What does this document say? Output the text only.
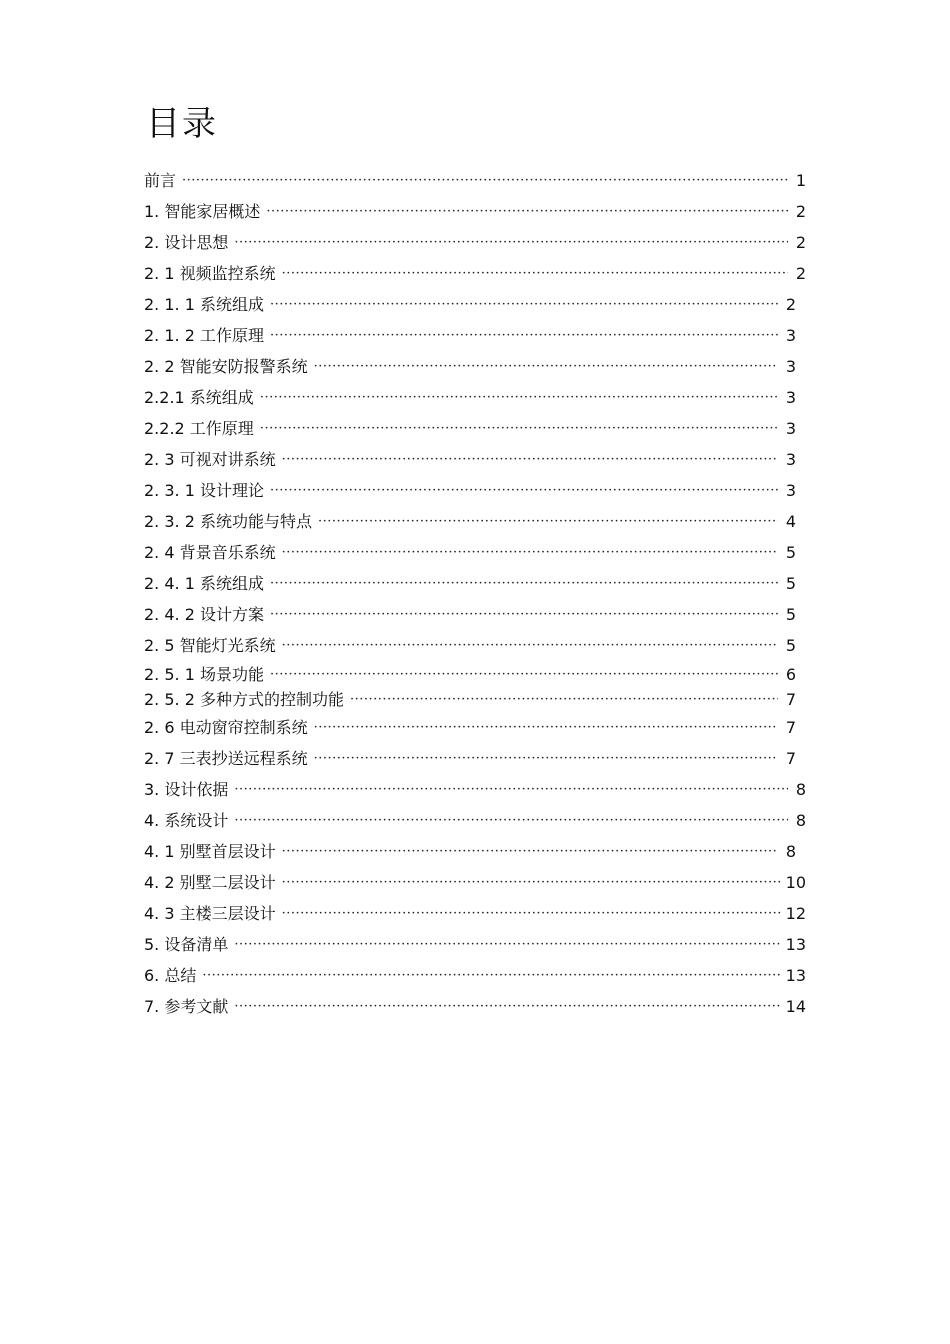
目录
前言 ·····	1
1. 智能家居概述 ·····	2
2. 设计思想 ·····	2
2. 1 视频监控系统 ·····	2
2. 1. 1 系统组成 ·····	2
2. 1. 2 工作原理 ·····	3
2. 2 智能安防报警系统 ·····	3
2.2.1 系统组成 ·····	3
2.2.2 工作原理 ·····	3
2. 3 可视对讲系统 ·····	3
2. 3. 1 设计理论 ·····	3
2. 3. 2 系统功能与特点 ·····	4
2. 4 背景音乐系统 ·····	5
2. 4. 1 系统组成 ·····	5
2. 4. 2 设计方案 ·····	5
2. 5 智能灯光系统 ·····	5
2. 5. 1 场景功能 ·····	6
2. 5. 2 多种方式的控制功能 ·····	7
2. 6 电动窗帘控制系统 ·····	7
2. 7 三表抄送远程系统 ·····	7
3. 设计依据 ·····	8
4. 系统设计 ·····	8
4. 1 别墅首层设计 ·····	8
4. 2 别墅二层设计 ·····	10
4. 3 主楼三层设计 ·····	12
5. 设备清单 ·····	13
6. 总结 ·····	13
7. 参考文献 ·····	14
